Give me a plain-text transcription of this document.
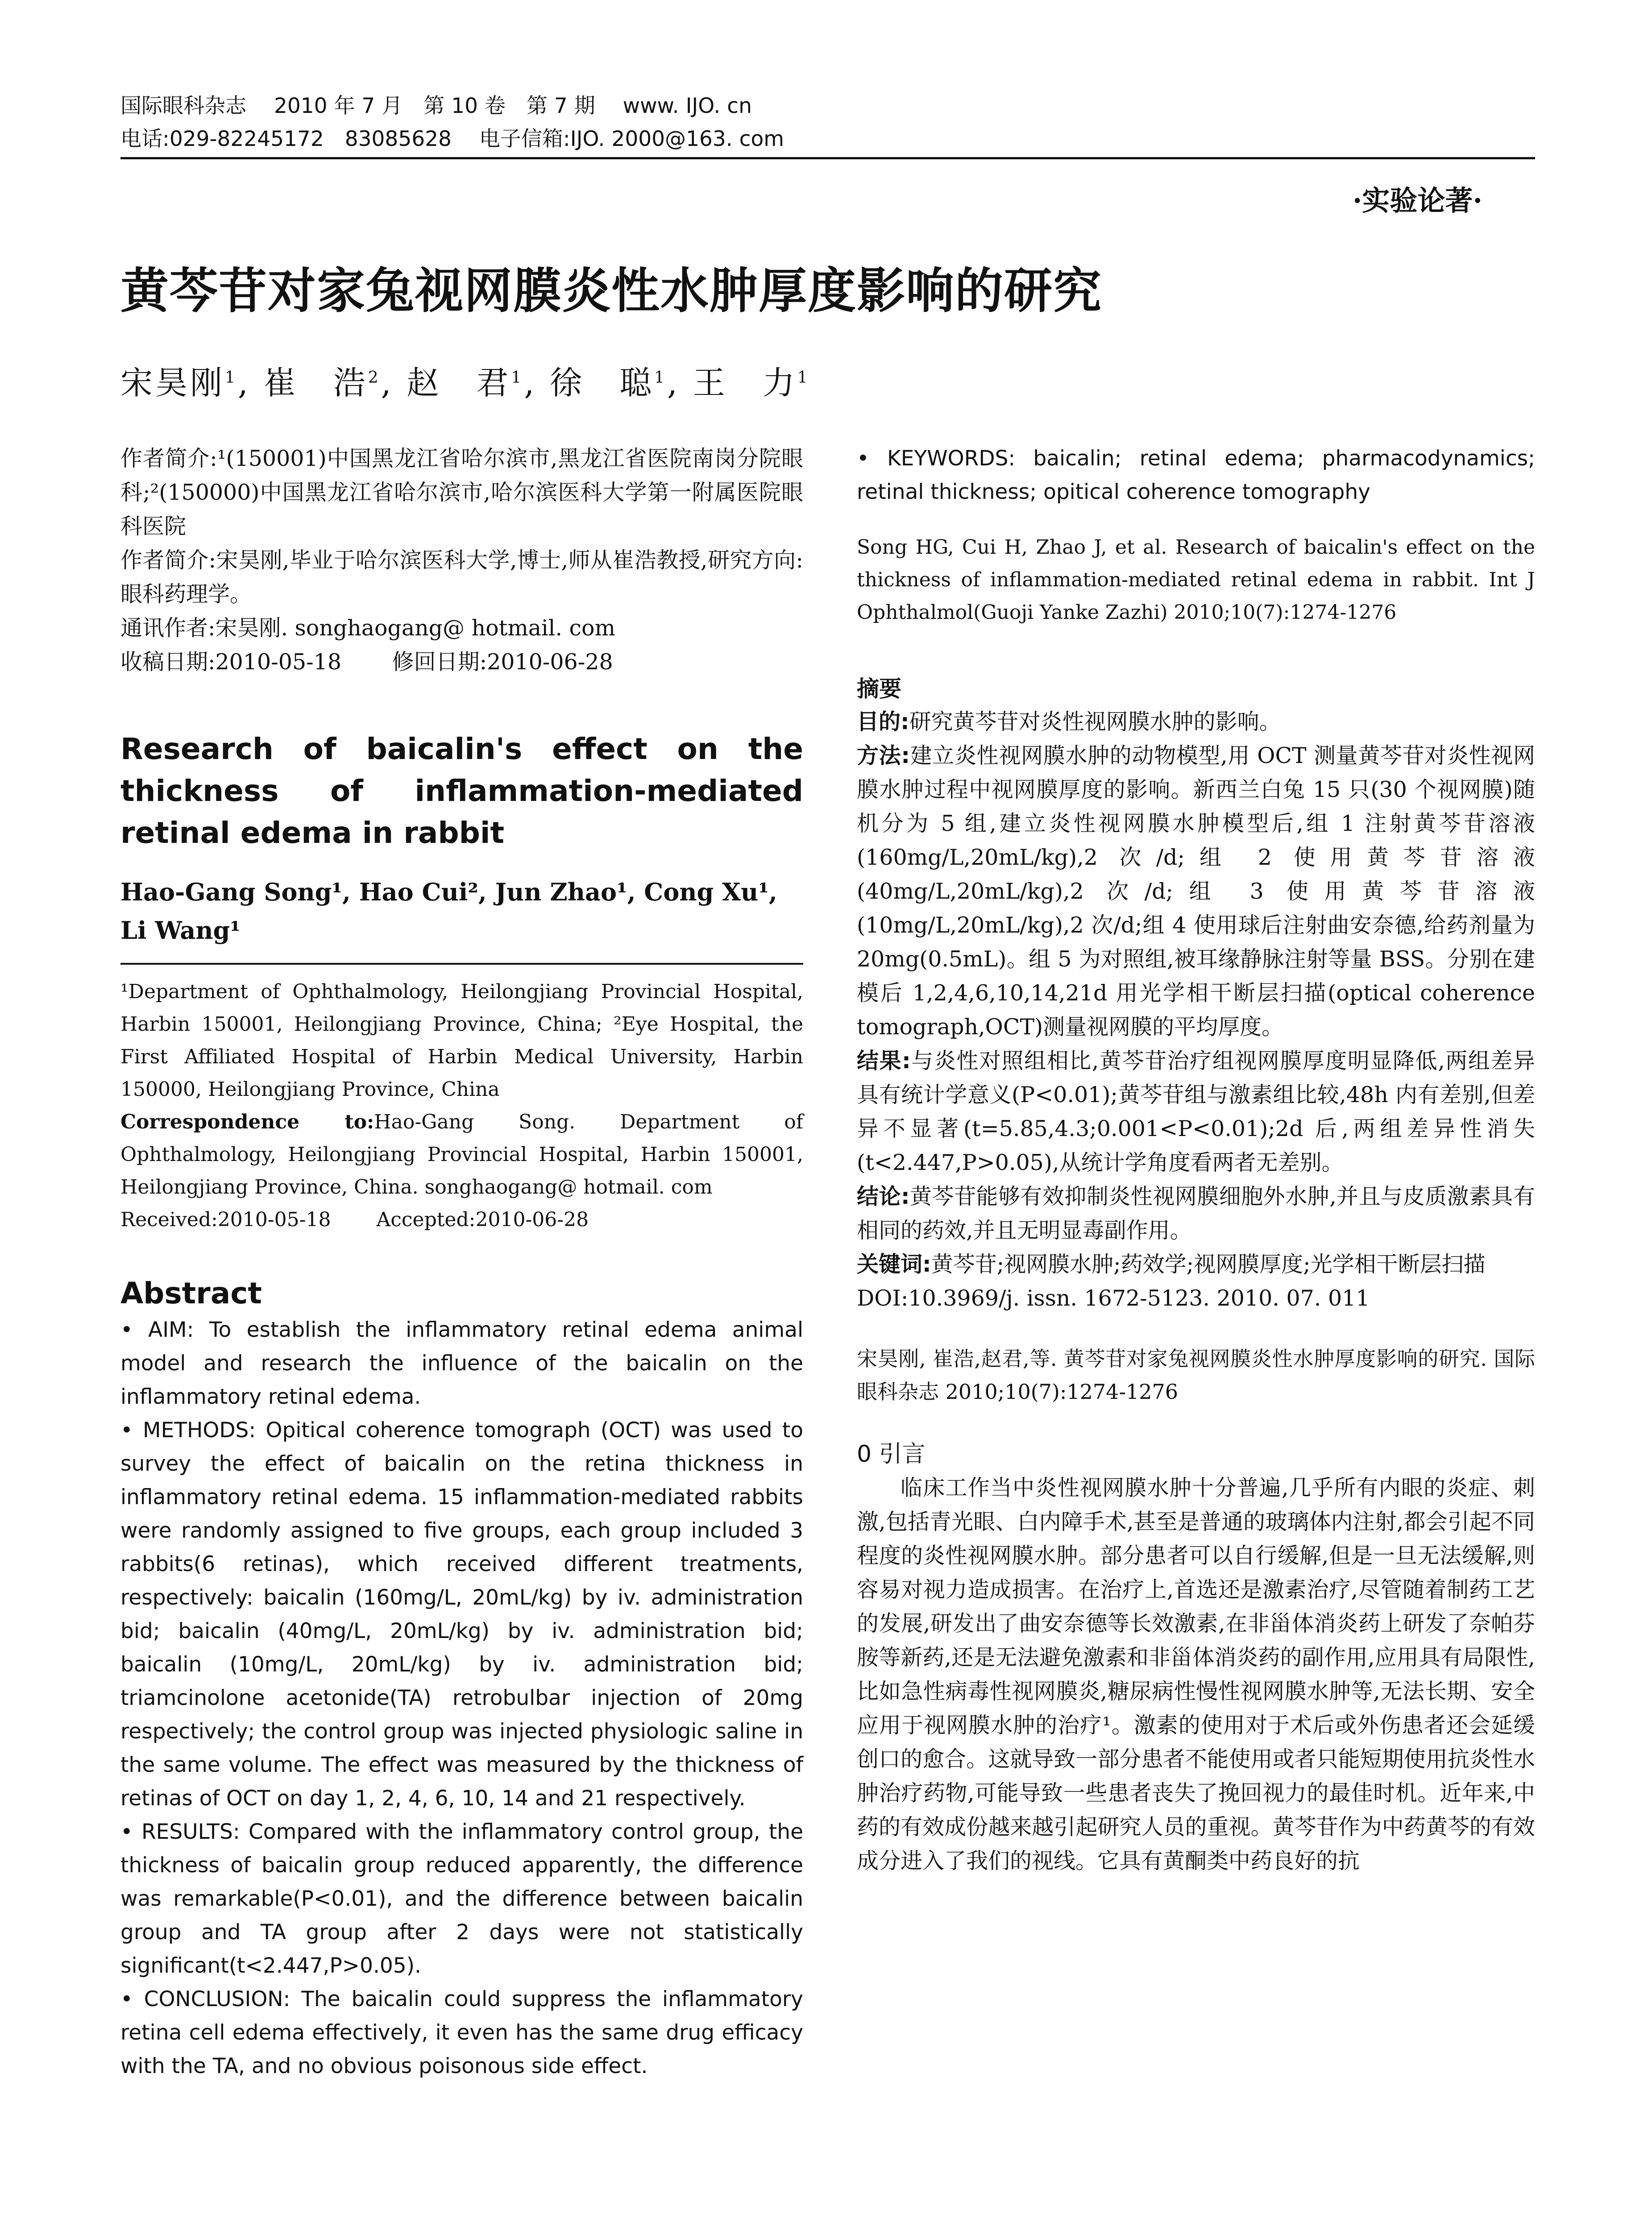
国际眼科杂志　 2010 年 7 月　第 10 卷　第 7 期　 www. IJO. cn
电话:029-82245172　83085628　 电子信箱:IJO. 2000@163. com
·实验论著·
黄芩苷对家兔视网膜炎性水肿厚度影响的研究
宋昊刚$^1$, 崔　浩$^2$, 赵　君$^1$, 徐　聪$^1$, 王　力$^1$

作者简介:¹(150001)中国黑龙江省哈尔滨市,黑龙江省医院南岗分院眼科;²(150000)中国黑龙江省哈尔滨市,哈尔滨医科大学第一附属医院眼科医院

作者简介:宋昊刚,毕业于哈尔滨医科大学,博士,师从崔浩教授,研究方向:眼科药理学。

通讯作者:宋昊刚. songhaogang@ hotmail. com

收稿日期:2010-05-18　　 修回日期:2010-06-28

Research of baicalin's effect on the thickness of inflammation-mediated retinal edema in rabbit
Hao-Gang Song¹, Hao Cui², Jun Zhao¹, Cong Xu¹, Li Wang¹
¹Department of Ophthalmology, Heilongjiang Provincial Hospital, Harbin 150001, Heilongjiang Province, China; ²Eye Hospital, the First Affiliated Hospital of Harbin Medical University, Harbin 150000, Heilongjiang Province, China
Correspondence to:Hao-Gang Song. Department of Ophthalmology, Heilongjiang Provincial Hospital, Harbin 150001, Heilongjiang Province, China. songhaogang@ hotmail. com
Received:2010-05-18　　 Accepted:2010-06-28
Abstract

• AIM: To establish the inflammatory retinal edema animal model and research the influence of the baicalin on the inflammatory retinal edema.

• METHODS: Opitical coherence tomograph (OCT) was used to survey the effect of baicalin on the retina thickness in inflammatory retinal edema. 15 inflammation-mediated rabbits were randomly assigned to five groups, each group included 3 rabbits(6 retinas), which received different treatments, respectively: baicalin (160mg/L, 20mL/kg) by iv. administration bid; baicalin (40mg/L, 20mL/kg) by iv. administration bid; baicalin (10mg/L, 20mL/kg) by iv. administration bid; triamcinolone acetonide(TA) retrobulbar injection of 20mg respectively; the control group was injected physiologic saline in the same volume. The effect was measured by the thickness of retinas of OCT on day 1, 2, 4, 6, 10, 14 and 21 respectively.

• RESULTS: Compared with the inflammatory control group, the thickness of baicalin group reduced apparently, the difference was remarkable(P<0.01), and the difference between baicalin group and TA group after 2 days were not statistically significant(t<2.447,P>0.05).

• CONCLUSION: The baicalin could suppress the inflammatory retina cell edema effectively, it even has the same drug efficacy with the TA, and no obvious poisonous side effect.

• KEYWORDS: baicalin; retinal edema; pharmacodynamics; retinal thickness; opitical coherence tomography
Song HG, Cui H, Zhao J, et al. Research of baicalin's effect on the thickness of inflammation-mediated retinal edema in rabbit. Int J Ophthalmol(Guoji Yanke Zazhi) 2010;10(7):1274-1276
摘要

目的:研究黄芩苷对炎性视网膜水肿的影响。

方法:建立炎性视网膜水肿的动物模型,用 OCT 测量黄芩苷对炎性视网膜水肿过程中视网膜厚度的影响。新西兰白兔 15 只(30 个视网膜)随机分为 5 组,建立炎性视网膜水肿模型后,组 1 注射黄芩苷溶液(160mg/L,20mL/kg),2 次/d;组 2 使用黄芩苷溶液(40mg/L,20mL/kg),2 次/d;组 3 使用黄芩苷溶液(10mg/L,20mL/kg),2 次/d;组 4 使用球后注射曲安奈德,给药剂量为 20mg(0.5mL)。组 5 为对照组,被耳缘静脉注射等量 BSS。分别在建模后 1,2,4,6,10,14,21d 用光学相干断层扫描(optical coherence tomograph,OCT)测量视网膜的平均厚度。

结果:与炎性对照组相比,黄芩苷治疗组视网膜厚度明显降低,两组差异具有统计学意义(P<0.01);黄芩苷组与激素组比较,48h 内有差别,但差异不显著(t=5.85,4.3;0.001<P<0.01);2d 后,两组差异性消失(t<2.447,P>0.05),从统计学角度看两者无差别。

结论:黄芩苷能够有效抑制炎性视网膜细胞外水肿,并且与皮质激素具有相同的药效,并且无明显毒副作用。

关键词:黄芩苷;视网膜水肿;药效学;视网膜厚度;光学相干断层扫描

DOI:10.3969/j. issn. 1672-5123. 2010. 07. 011

宋昊刚, 崔浩,赵君,等. 黄芩苷对家兔视网膜炎性水肿厚度影响的研究. 国际眼科杂志 2010;10(7):1274-1276
0 引言
临床工作当中炎性视网膜水肿十分普遍,几乎所有内眼的炎症、刺激,包括青光眼、白内障手术,甚至是普通的玻璃体内注射,都会引起不同程度的炎性视网膜水肿。部分患者可以自行缓解,但是一旦无法缓解,则容易对视力造成损害。在治疗上,首选还是激素治疗,尽管随着制药工艺的发展,研发出了曲安奈德等长效激素,在非甾体消炎药上研发了奈帕芬胺等新药,还是无法避免激素和非甾体消炎药的副作用,应用具有局限性,比如急性病毒性视网膜炎,糖尿病性慢性视网膜水肿等,无法长期、安全应用于视网膜水肿的治疗¹。激素的使用对于术后或外伤患者还会延缓创口的愈合。这就导致一部分患者不能使用或者只能短期使用抗炎性水肿治疗药物,可能导致一些患者丧失了挽回视力的最佳时机。近年来,中药的有效成份越来越引起研究人员的重视。黄芩苷作为中药黄芩的有效成分进入了我们的视线。它具有黄酮类中药良好的抗
